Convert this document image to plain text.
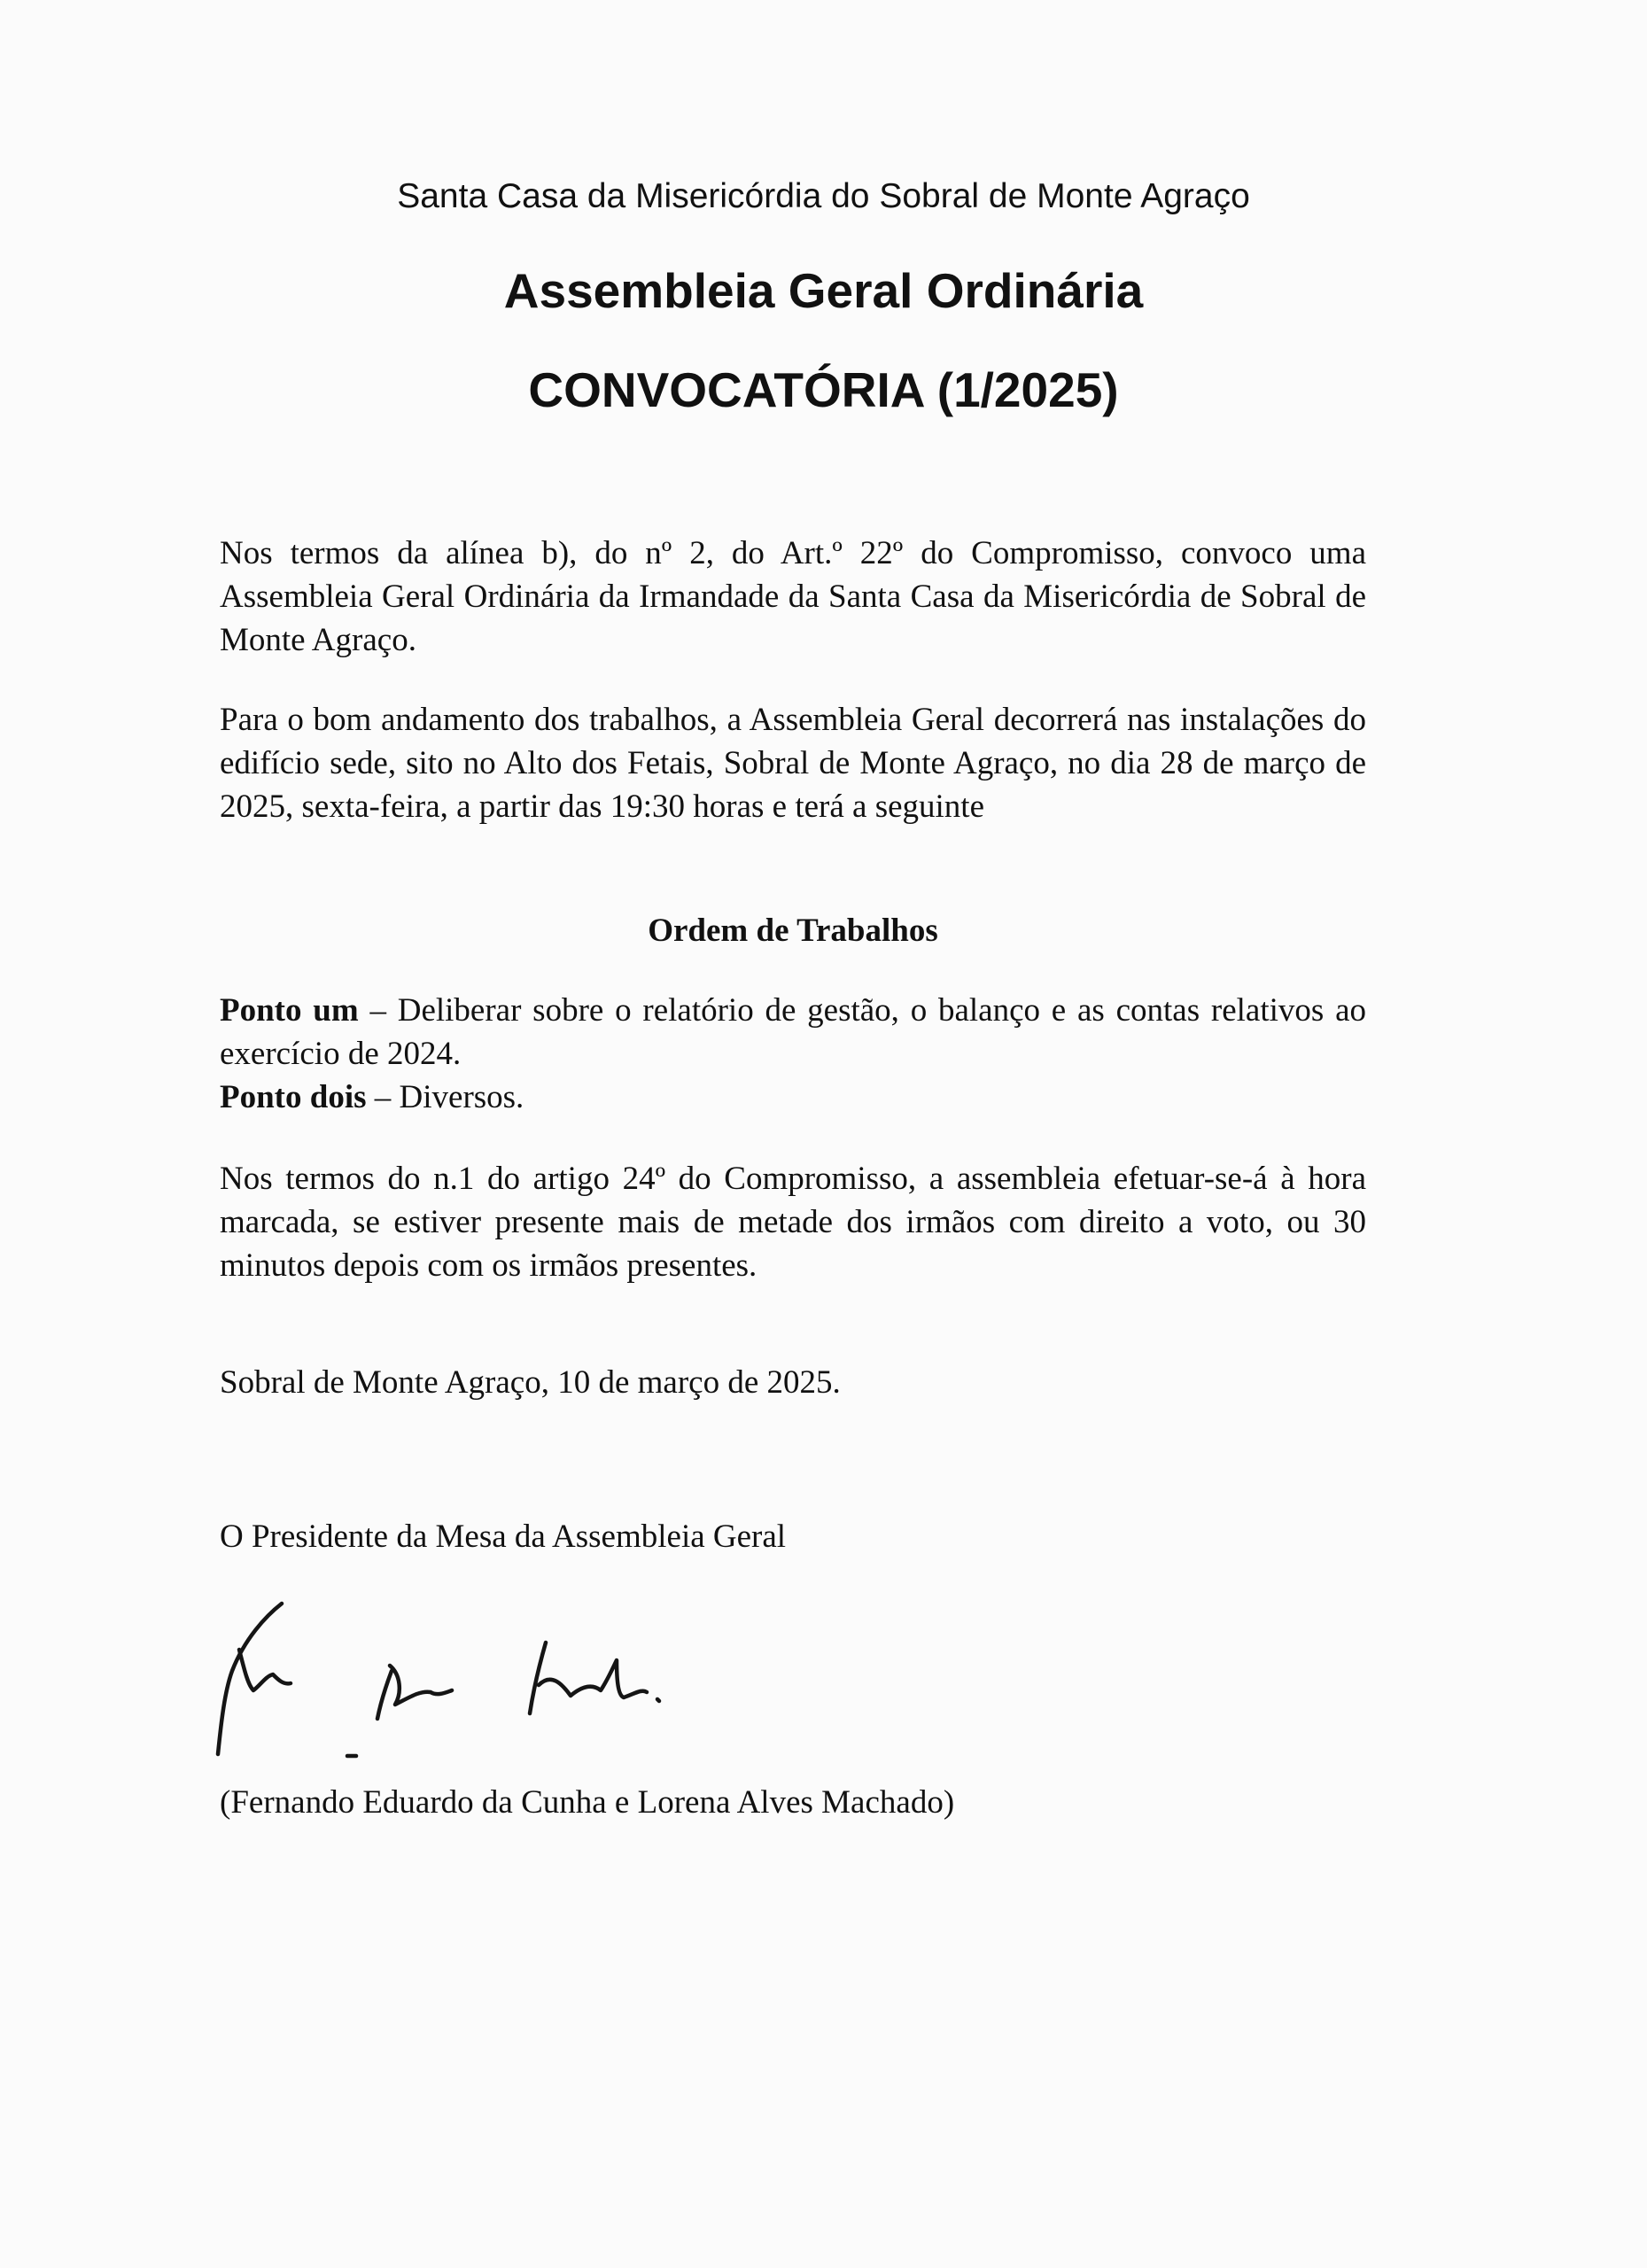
Santa Casa da Misericórdia do Sobral de Monte Agraço
Assembleia Geral Ordinária
CONVOCATÓRIA (1/2025)

Nos termos da alínea b), do nº 2, do Art.º 22º do Compromisso, convoco uma Assembleia Geral Ordinária da Irmandade da Santa Casa da Misericórdia de Sobral de Monte Agraço.

Para o bom andamento dos trabalhos, a Assembleia Geral decorrerá nas instalações do edifício sede, sito no Alto dos Fetais, Sobral de Monte Agraço, no dia 28 de março de 2025, sexta-feira, a partir das 19:30 horas e terá a seguinte

Ordem de Trabalhos

Ponto um – Deliberar sobre o relatório de gestão, o balanço e as contas relativos ao exercício de 2024.
Ponto dois – Diversos.

Nos termos do n.1 do artigo 24º do Compromisso, a assembleia efetuar-se-á à hora marcada, se estiver presente mais de metade dos irmãos com direito a voto, ou 30 minutos depois com os irmãos presentes.

Sobral de Monte Agraço, 10 de março de 2025.

O Presidente da Mesa da Assembleia Geral

(Fernando Eduardo da Cunha e Lorena Alves Machado)
